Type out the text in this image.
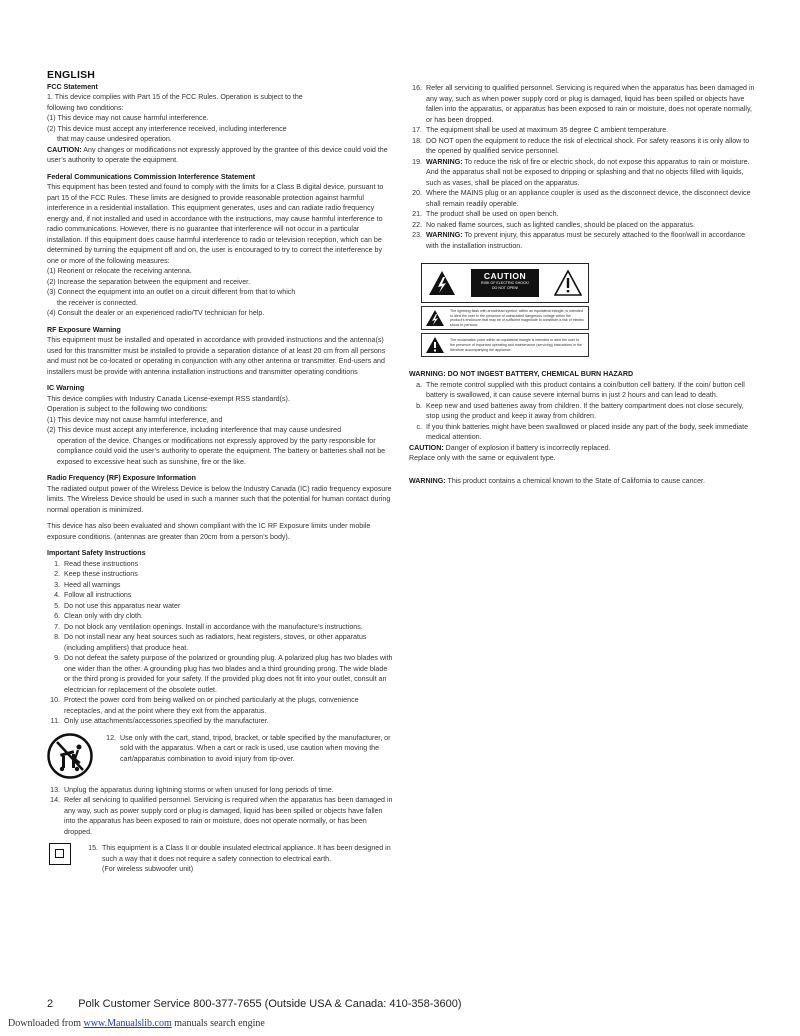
ENGLISH

FCC Statement

1. This device complies with Part 15 of the FCC Rules. Operation is subject to the

following two conditions:

(1) This device may not cause harmful interference.

(2) This device must accept any interference received, including interference

that may cause undesired operation.

CAUTION: Any changes or modifications not expressly approved by the grantee of this device could void the user’s authority to operate the equipment.

Federal Communications Commission Interference Statement

This equipment has been tested and found to comply with the limits for a Class B digital device, pursuant to part 15 of the FCC Rules. These limits are designed to provide reasonable protection against harmful interference in a residential installation. This equipment generates, uses and can radiate radio frequency energy and, if not installed and used in accordance with the instructions, may cause harmful interference to radio communications. However, there is no guarantee that interference will not occur in a particular installation. If this equipment does cause harmful interference to radio or television reception, which can be determined by turning the equipment off and on, the user is encouraged to try to correct the interference by one or more of the following measures:

(1) Reorient or relocate the receiving antenna.

(2) Increase the separation between the equipment and receiver.

(3) Connect the equipment into an outlet on a circuit different from that to which

the receiver is connected.

(4) Consult the dealer or an experienced radio/TV technician for help.

RF Exposure Warning

This equipment must be installed and operated in accordance with provided instructions and the antenna(s) used for this transmitter must be installed to provide a separation distance of at least 20 cm from all persons and must not be co-located or operating in conjunction with any other antenna or transmitter. End-users and installers must be provide with antenna installation instructions and transmitter operating conditions

IC Warning

This device complies with Industry Canada License-exempt RSS standard(s).

Operation is subject to the following two conditions:

(1) This device may not cause harmful interference, and

(2) This device must accept any interference, including interference that may cause undesired

operation of the device. Changes or modifications not expressly approved by the party responsible for compliance could void the user’s authority to operate the equipment. The battery or batteries shall not be exposed to excessive heat such as sunshine, fire or the like.

Radio Frequency (RF) Exposure Information

The radiated output power of the Wireless Device is below the Industry Canada (IC) radio frequency exposure limits. The Wireless Device should be used in such a manner such that the potential for human contact during normal operation is minimized.

This device has also been evaluated and shown compliant with the IC RF Exposure limits under mobile exposure conditions. (antennas are greater than 20cm from a person’s body).

Important Safety Instructions

1. Read these instructions
2. Keep these instructions
3. Heed all warnings
4. Follow all instructions
5. Do not use this apparatus near water
6. Clean only with dry cloth.
7. Do not block any ventilation openings. Install in accordance with the manufacture’s instructions.
8. Do not install near any heat sources such as radiators, heat registers, stoves, or other apparatus (including amplifiers) that produce heat.
9. Do not defeat the safety purpose of the polarized or grounding plug. A polarized plug has two blades with one wider than the other. A grounding plug has two blades and a third grounding prong. The wide blade or the third prong is provided for your safety. If the provided plug does not fit into your outlet, consult an electrician for replacement of the obsolete outlet.
10. Protect the power cord from being walked on or pinched particularly at the plugs, convenience receptacles, and at the point where they exit from the apparatus.
11. Only use attachments/accessories specified by the manufacturer.
12. Use only with the cart, stand, tripod, bracket, or table specified by the manufacturer, or sold with the apparatus. When a cart or rack is used, use caution when moving the cart/apparatus combination to avoid injury from tip-over.
13. Unplug the apparatus during lightning storms or when unused for long periods of time.
14. Refer all servicing to qualified personnel. Servicing is required when the apparatus has been damaged in any way, such as power supply cord or plug is damaged, liquid has been spilled or objects have fallen into the apparatus has been exposed to rain or moisture, does not operate normally, or has been dropped.
15. This equipment is a Class II or double insulated electrical appliance. It has been designed in such a way that it does not require a safety connection to electrical earth.
(For wireless subwoofer unit)
16. Refer all servicing to qualified personnel. Servicing is required when the apparatus has been damaged in any way, such as when power supply cord or plug is damaged, liquid has been spilled or objects have fallen into the apparatus, or apparatus has been exposed to rain or moisture, does not operate normally, or has been dropped.
17. The equipment shall be used at maximum 35 degree C ambient temperature.
18. DO NOT open the equipment to reduce the risk of electrical shock. For safety reasons it is only allow to the opened by qualified service personnel.
19. WARNING: To reduce the risk of fire or electric shock, do not expose this apparatus to rain or moisture. And the apparatus shall not be exposed to dripping or splashing and that no objects filled with liquids, such as vases, shall be placed on the apparatus.
20. Where the MAINS plug or an appliance coupler is used as the disconnect device, the disconnect device shall remain readily operable.
21. The product shall be used on open bench.
22. No naked flame sources, such as lighted candles, should be placed on the apparatus.
23. WARNING: To prevent injury, this apparatus must be securely attached to the floor/wall in accordance with the installation instruction.
CAUTION
RISK OF ELECTRIC SHOCK!
DO NOT OPEN!
The lightning flash with arrowhead symbol, within an equilateral triangle, is intended to alert the user to the presence of uninsulated dangerous voltage within the product’s enclosure that may be of sufficient magnitude to constitute a risk of electric shock to persons.
The exclamation point within an equilateral triangle is intended to alert the user to the presence of important operating and maintenance (servicing) instructions in the literature accompanying the appliance.

WARNING: DO NOT INGEST BATTERY, CHEMICAL BURN HAZARD

a. The remote control supplied with this product contains a coin/button cell battery. If the coin/ button cell battery is swallowed, it can cause severe internal burns in just 2 hours and can lead to death.
b. Keep new and used batteries away from children. If the battery compartment does not close securely, stop using the product and keep it away from children.
c. If you think batteries might have been swallowed or placed inside any part of the body, seek immediate medical attention.

CAUTION: Danger of explosion if battery is incorrectly replaced.

Replace only with the same or equivalent type.

WARNING: This product contains a chemical known to the State of California to cause cancer.

2 Polk Customer Service 800-377-7655 (Outside USA & Canada: 410-358-3600)
Downloaded from www.Manualslib.com manuals search engine
